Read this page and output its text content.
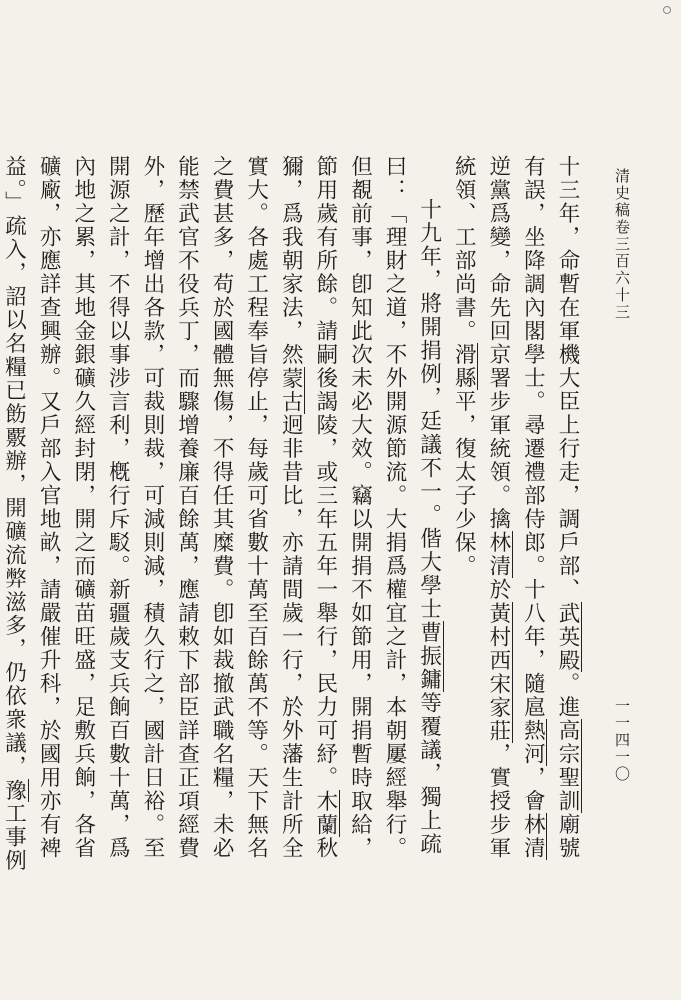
清史稿卷三百六十三
一一四一〇

十三年，命暫在軍機大臣上行走，調戶部、武英殿。進高宗聖訓廟號有誤，坐降調內閣學士。尋遷禮部侍郎。十八年，隨扈熱河，會林清逆黨爲變，命先回京署步軍統領。擒林清於黃村西宋家莊，實授步軍統領、工部尚書。滑縣平，復太子少保。

十九年，將開捐例，廷議不一。偕大學士曹振鏞等覆議，獨上疏曰：「理財之道，不外開源節流。大捐爲權宜之計，本朝屢經舉行。但覩前事，卽知此次未必大效。竊以開捐不如節用，開捐暫時取給，節用歲有所餘。請嗣後謁陵，或三年五年一舉行，民力可紓。木蘭秋獮，爲我朝家法，然蒙古迥非昔比，亦請間歲一行，於外藩生計所全實大。各處工程奉旨停止，每歲可省數十萬至百餘萬不等。天下無名之費甚多，苟於國體無傷，不得任其糜費。卽如裁撤武職名糧，未必能禁武官不役兵丁，而驟增養廉百餘萬，應請敕下部臣詳查正項經費外，歷年增出各款，可裁則裁，可減則減，積久行之，國計日裕。至開源之計，不得以事涉言利，槪行斥駁。新疆歲支兵餉百數十萬，爲內地之累，其地金銀礦久經封閉，開之而礦苗旺盛，足敷兵餉，各省礦廠，亦應詳查興辦。又戶部入官地畝，請嚴催升科，於國用亦有裨益。」疏入，詔以名糧已飭覈辦，開礦流弊滋多，仍依衆議，豫工事例
